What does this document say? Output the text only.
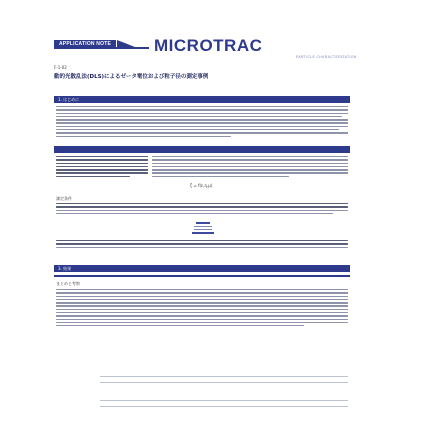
APPLICATION NOTE	MICROTRAC
PARTICLE CHARACTERIZATION
F-1-02
動的光散乱法(DLS)によるゼータ電位および粒子径の測定事例
1. はじめに
ζ = f(ε,η,μ)
測定条件
3. 結果
まとめと考察
